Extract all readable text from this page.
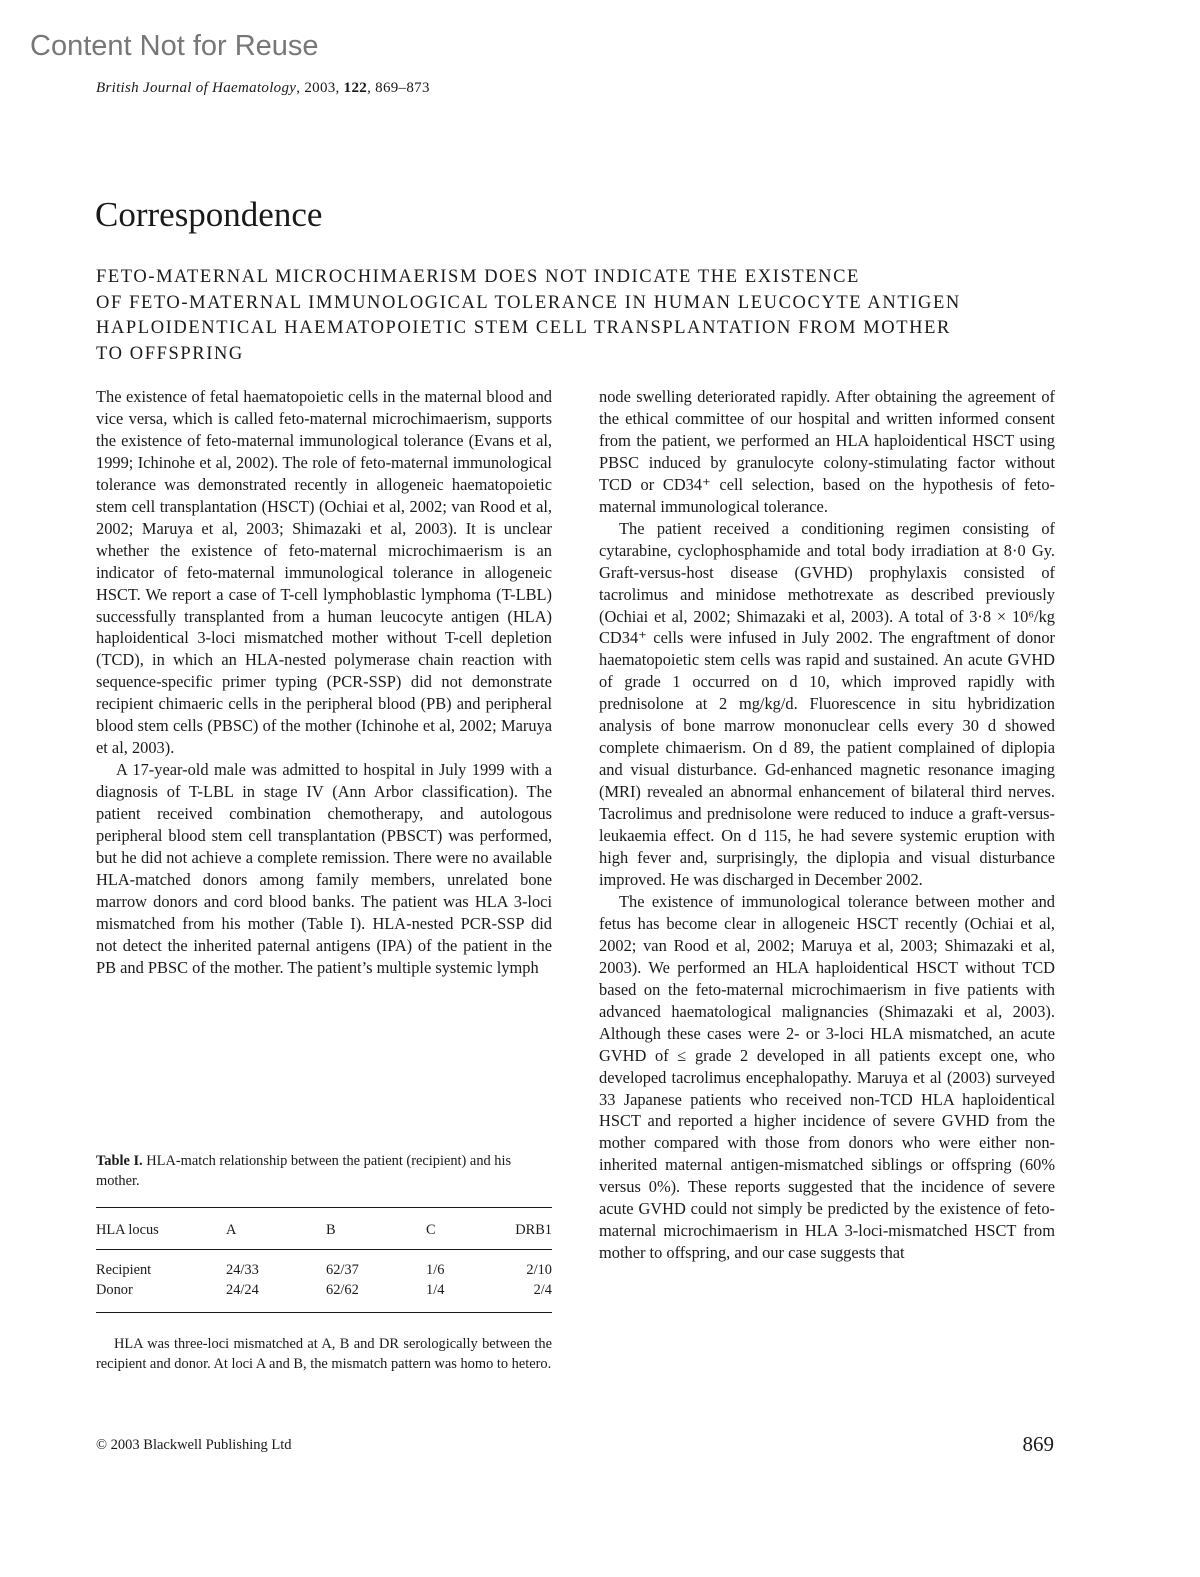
Content Not for Reuse
British Journal of Haematology, 2003, 122, 869–873
Correspondence
FETO-MATERNAL MICROCHIMAERISM DOES NOT INDICATE THE EXISTENCE
OF FETO-MATERNAL IMMUNOLOGICAL TOLERANCE IN HUMAN LEUCOCYTE ANTIGEN
HAPLOIDENTICAL HAEMATOPOIETIC STEM CELL TRANSPLANTATION FROM MOTHER
TO OFFSPRING

The existence of fetal haematopoietic cells in the maternal blood and vice versa, which is called feto-maternal microchimaerism, supports the existence of feto-maternal immunological tolerance (Evans et al, 1999; Ichinohe et al, 2002). The role of feto-maternal immunological tolerance was demonstrated recently in allogeneic haematopoietic stem cell transplantation (HSCT) (Ochiai et al, 2002; van Rood et al, 2002; Maruya et al, 2003; Shimazaki et al, 2003). It is unclear whether the existence of feto-maternal microchimaerism is an indicator of feto-maternal immunological tolerance in allogeneic HSCT. We report a case of T-cell lymphoblastic lymphoma (T-LBL) successfully transplanted from a human leucocyte antigen (HLA) haploidentical 3-loci mismatched mother without T-cell depletion (TCD), in which an HLA-nested polymerase chain reaction with sequence-specific primer typing (PCR-SSP) did not demonstrate recipient chimaeric cells in the peripheral blood (PB) and peripheral blood stem cells (PBSC) of the mother (Ichinohe et al, 2002; Maruya et al, 2003).

A 17-year-old male was admitted to hospital in July 1999 with a diagnosis of T-LBL in stage IV (Ann Arbor classification). The patient received combination chemotherapy, and autologous peripheral blood stem cell transplantation (PBSCT) was performed, but he did not achieve a complete remission. There were no available HLA-matched donors among family members, unrelated bone marrow donors and cord blood banks. The patient was HLA 3-loci mismatched from his mother (Table I). HLA-nested PCR-SSP did not detect the inherited paternal antigens (IPA) of the patient in the PB and PBSC of the mother. The patient’s multiple systemic lymph

node swelling deteriorated rapidly. After obtaining the agreement of the ethical committee of our hospital and written informed consent from the patient, we performed an HLA haploidentical HSCT using PBSC induced by granulocyte colony-stimulating factor without TCD or CD34⁺ cell selection, based on the hypothesis of feto-maternal immunological tolerance.

The patient received a conditioning regimen consisting of cytarabine, cyclophosphamide and total body irradiation at 8·0 Gy. Graft-versus-host disease (GVHD) prophylaxis consisted of tacrolimus and minidose methotrexate as described previously (Ochiai et al, 2002; Shimazaki et al, 2003). A total of 3·8 × 10⁶/kg CD34⁺ cells were infused in July 2002. The engraftment of donor haematopoietic stem cells was rapid and sustained. An acute GVHD of grade 1 occurred on d 10, which improved rapidly with prednisolone at 2 mg/kg/d. Fluorescence in situ hybridization analysis of bone marrow mononuclear cells every 30 d showed complete chimaerism. On d 89, the patient complained of diplopia and visual disturbance. Gd-enhanced magnetic resonance imaging (MRI) revealed an abnormal enhancement of bilateral third nerves. Tacrolimus and prednisolone were reduced to induce a graft-versus-leukaemia effect. On d 115, he had severe systemic eruption with high fever and, surprisingly, the diplopia and visual disturbance improved. He was discharged in December 2002.

The existence of immunological tolerance between mother and fetus has become clear in allogeneic HSCT recently (Ochiai et al, 2002; van Rood et al, 2002; Maruya et al, 2003; Shimazaki et al, 2003). We performed an HLA haploidentical HSCT without TCD based on the feto-maternal microchimaerism in five patients with advanced haematological malignancies (Shimazaki et al, 2003). Although these cases were 2- or 3-loci HLA mismatched, an acute GVHD of ≤ grade 2 developed in all patients except one, who developed tacrolimus encephalopathy. Maruya et al (2003) surveyed 33 Japanese patients who received non-TCD HLA haploidentical HSCT and reported a higher incidence of severe GVHD from the mother compared with those from donors who were either non-inherited maternal antigen-mismatched siblings or offspring (60% versus 0%). These reports suggested that the incidence of severe acute GVHD could not simply be predicted by the existence of feto-maternal microchimaerism in HLA 3-loci-mismatched HSCT from mother to offspring, and our case suggests that

Table I. HLA-match relationship between the patient (recipient) and his mother.

HLA locus	A	B	C	DRB1
Recipient	24/33	62/37	1/6	2/10
Donor	24/24	62/62	1/4	2/4

HLA was three-loci mismatched at A, B and DR serologically between the recipient and donor. At loci A and B, the mismatch pattern was homo to hetero.

© 2003 Blackwell Publishing Ltd	869
